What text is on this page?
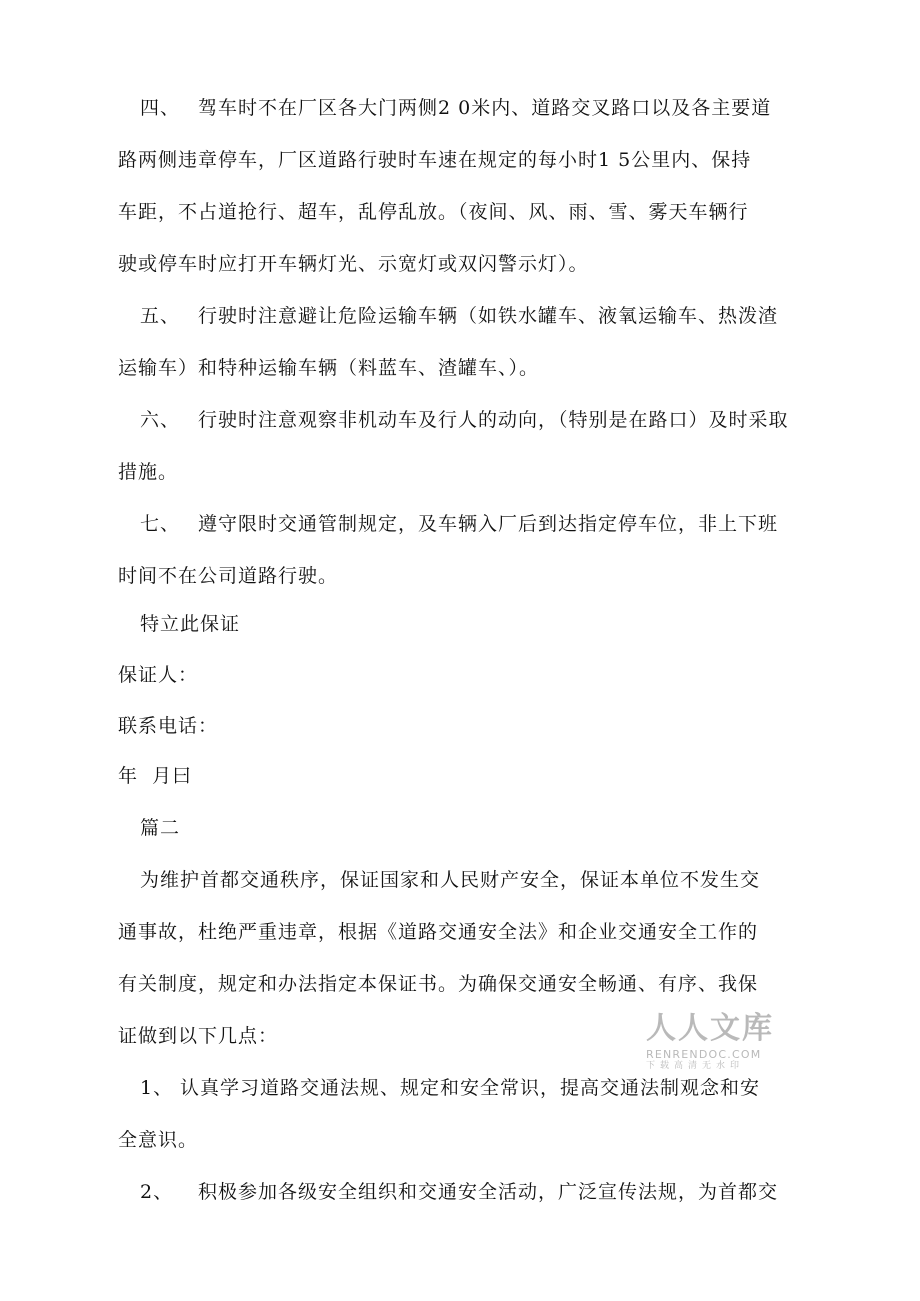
四、 驾车时不在厂区各大门两侧2 0米内、道路交叉路口以及各主要道
路两侧违章停车，厂区道路行驶时车速在规定的每小时1 5公里内、保持
车距，不占道抢行、超车，乱停乱放。（夜间、风、雨、雪、雾天车辆行
驶或停车时应打开车辆灯光、示宽灯或双闪警示灯）。
五、 行驶时注意避让危险运输车辆（如铁水罐车、液氧运输车、热泼渣
运输车）和特种运输车辆（料蓝车、渣罐车、）。
六、 行驶时注意观察非机动车及行人的动向，（特别是在路口）及时采取
措施。
七、 遵守限时交通管制规定，及车辆入厂后到达指定停车位，非上下班
时间不在公司道路行驶。
特立此保证
保证人：
联系电话：
年  月曰
篇二
为维护首都交通秩序，保证国家和人民财产安全，保证本单位不发生交
通事故，杜绝严重违章，根据《道路交通安全法》和企业交通安全工作的
有关制度，规定和办法指定本保证书。为确保交通安全畅通、有序、我保
证做到以下几点：
1、 认真学习道路交通法规、规定和安全常识，提高交通法制观念和安
全意识。
2、 积极参加各级安全组织和交通安全活动，广泛宣传法规，为首都交
人人文库
RENRENDOC.COM
下载高清无水印
